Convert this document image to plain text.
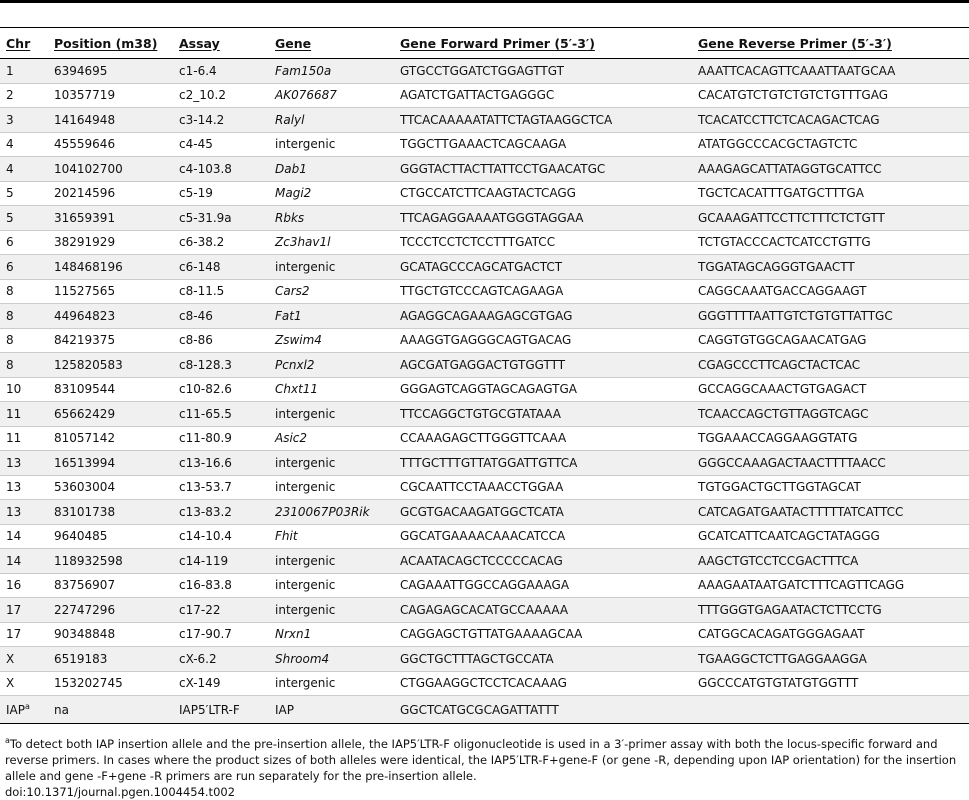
Chr	Position (m38)	Assay	Gene	Gene Forward Primer (5′-3′)	Gene Reverse Primer (5′-3′)
1	6394695	c1-6.4	Fam150a	GTGCCTGGATCTGGAGTTGT	AAATTCACAGTTCAAATTAATGCAA
2	10357719	c2_10.2	AK076687	AGATCTGATTACTGAGGGC	CACATGTCTGTCTGTCTGTTTGAG
3	14164948	c3-14.2	Ralyl	TTCACAAAAATATTCTAGTAAGGCTCA	TCACATCCTTCTCACAGACTCAG
4	45559646	c4-45	intergenic	TGGCTTGAAACTCAGCAAGA	ATATGGCCCACGCTAGTCTC
4	104102700	c4-103.8	Dab1	GGGTACTTACTTATTCCTGAACATGC	AAAGAGCATTATAGGTGCATTCC
5	20214596	c5-19	Magi2	CTGCCATCTTCAAGTACTCAGG	TGCTCACATTTGATGCTTTGA
5	31659391	c5-31.9a	Rbks	TTCAGAGGAAAATGGGTAGGAA	GCAAAGATTCCTTCTTTCTCTGTT
6	38291929	c6-38.2	Zc3hav1l	TCCCTCCTCTCCTTTGATCC	TCTGTACCCACTCATCCTGTTG
6	148468196	c6-148	intergenic	GCATAGCCCAGCATGACTCT	TGGATAGCAGGGTGAACTT
8	11527565	c8-11.5	Cars2	TTGCTGTCCCAGTCAGAAGA	CAGGCAAATGACCAGGAAGT
8	44964823	c8-46	Fat1	AGAGGCAGAAAGAGCGTGAG	GGGTTTTAATTGTCTGTGTTATTGC
8	84219375	c8-86	Zswim4	AAAGGTGAGGGCAGTGACAG	CAGGTGTGGCAGAACATGAG
8	125820583	c8-128.3	Pcnxl2	AGCGATGAGGACTGTGGTTT	CGAGCCCTTCAGCTACTCAC
10	83109544	c10-82.6	Chxt11	GGGAGTCAGGTAGCAGAGTGA	GCCAGGCAAACTGTGAGACT
11	65662429	c11-65.5	intergenic	TTCCAGGCTGTGCGTATAAA	TCAACCAGCTGTTAGGTCAGC
11	81057142	c11-80.9	Asic2	CCAAAGAGCTTGGGTTCAAA	TGGAAACCAGGAAGGTATG
13	16513994	c13-16.6	intergenic	TTTGCTTTGTTATGGATTGTTCA	GGGCCAAAGACTAACTTTTAACC
13	53603004	c13-53.7	intergenic	CGCAATTCCTAAACCTGGAA	TGTGGACTGCTTGGTAGCAT
13	83101738	c13-83.2	2310067P03Rik	GCGTGACAAGATGGCTCATA	CATCAGATGAATACTTTTTATCATTCC
14	9640485	c14-10.4	Fhit	GGCATGAAAACAAACATCCA	GCATCATTCAATCAGCTATAGGG
14	118932598	c14-119	intergenic	ACAATACAGCTCCCCCACAG	AAGCTGTCCTCCGACTTTCA
16	83756907	c16-83.8	intergenic	CAGAAATTGGCCAGGAAAGA	AAAGAATAATGATCTTTCAGTTCAGG
17	22747296	c17-22	intergenic	CAGAGAGCACATGCCAAAAA	TTTGGGTGAGAATACTCTTCCTG
17	90348848	c17-90.7	Nrxn1	CAGGAGCTGTTATGAAAAGCAA	CATGGCACAGATGGGAGAAT
X	6519183	cX-6.2	Shroom4	GGCTGCTTTAGCTGCCATA	TGAAGGCTCTTGAGGAAGGA
X	153202745	cX-149	intergenic	CTGGAAGGCTCCTCACAAAG	GGCCCATGTGTATGTGGTTT
IAP$^a$	na	IAP5′LTR-F	IAP	GGCTCATGCGCAGATTATTT	
$^a$To detect both IAP insertion allele and the pre-insertion allele, the IAP5′LTR-F oligonucleotide is used in a 3′-primer assay with both the locus-specific forward and reverse primers. In cases where the product sizes of both alleles were identical, the IAP5′LTR-F+gene-F (or gene -R, depending upon IAP orientation) for the insertion allele and gene -F+gene -R primers are run separately for the pre-insertion allele.
doi:10.1371/journal.pgen.1004454.t002
